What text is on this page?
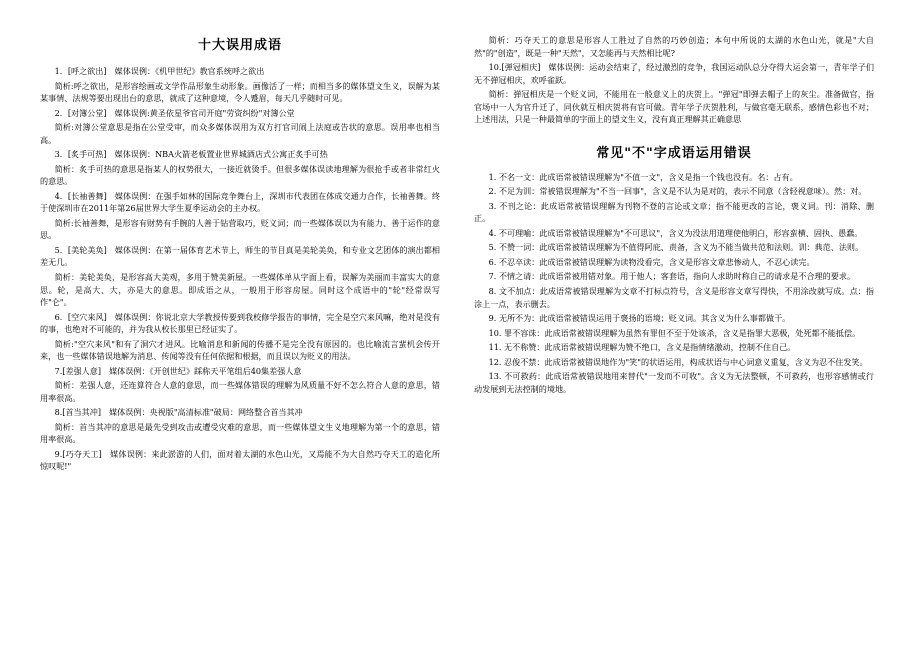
十大误用成语

1．[呼之欲出]　媒体误例：《机甲世纪》教官系统呼之欲出

简析:呼之欲出，是形容绘画或文学作品形象生动形象。画像活了一样；而相当多的媒体望文生义，误解为某某事情、法规等要出现出台的意思，就成了这种意境，令人蹙眉，每天几乎随时可见。

2．[对簿公堂]　媒体误例:黄圣依星爷官司开庭"劳资纠纷"对簿公堂

简析:对簿公堂意思是指在公堂受审，而众多媒体误用为双方打官司闹上法庭或告状的意思。误用率也相当高。

3．[炙手可热]　媒体误例：NBA火箭老板置业世界城酒店式公寓正炙手可热

简析：炙手可热的意思是指某人的权势很大，一接近就烫手。但很多媒体误读地理解为很抢手或者非常红火的意思。

4．[长袖善舞]　媒体误例：在强手如林的国际竞争舞台上，深圳市代表团在体成交通力合作，长袖善舞。终于使深圳市在2011年第26届世界大学生夏季运动会的主办权。

简析:长袖善舞，是形容有财势有手腕的人善于钻营取巧，贬义词；而一些媒体误以为有能力、善于运作的意思。

5．[美轮美奂]　媒体误例：在第一届体育艺术节上，师生的节目真是美轮美奂，和专业文艺团体的演出都相差无几。

简析：美轮美奂，是形容高大美观，多用于赞美新屋。一些媒体单从字面上看，误解为美丽而丰富实大的意思。轮，是高大、大，亦是大的意思。即成语之从，一般用于形容房屋。同时这个成语中的"轮"经常误写作"仑"。

6．[空穴来风]　媒体误例：你说北京大学教授传要到我校修学报告的事情，完全是空穴来风嘛，绝对是没有的事，也绝对不可能的，并为我从校长那里已经证实了。

简析:"空穴来风"和有了洞穴才进风。比喻消息和新闻的传播不是完全没有原因的。也比喻流言蜚机会传开来，也一些媒体错误地解为消息、传闻等没有任何依据和根据，而且误以为贬义的用法。

7.[差强人意]　媒体误例：《开创世纪》踩称天平笔组后40集差强人意

简析：差强人意，还连算符合人意的意思，而一些媒体错误的理解为风质量不好不怎么符合人意的意思，错用率很高。

8.[首当其冲]　媒体误例：央视版"高清标准"破局：网络整合首当其冲

简析：首当其冲的意思是最先受到攻击或遭受灾难的意思，而一些媒体望文生义地理解为第一个的意思，错用率很高。

9.[巧夺天工]　媒体误例：来此淤游的人们，面对着太湖的水色山光，又焉能不为大自然巧夺天工的造化所惊叹呢!"

简析：巧夺天工的意思是形容人工胜过了自然的巧妙创造；本句中所说的太湖的水色山光，就是"大自然"的"创造"，既是一种"天然"，又怎能再与天然相比呢?

10.[弹冠相庆]　媒体误例：运动会结束了，经过激烈的竞争，我国运动队总分夺得大运会第一，青年学子们无不弹冠相庆，欢呼雀跃。

简析：弹冠相庆是一个贬义词，不能用在一般意义上的庆贺上。"弹冠"即弹去帽子上的灰尘。准备做官，指官场中一人为官升迁了，同伙就互相庆贺将有官可做。青年学子庆贺胜利，与做官毫无联系，感情色彩也不对；上述用法，只是一种最简单的字面上的望文生义，没有真正理解其正确意思

常见"不"字成语运用错误

1. 不名一文：此成语常被错误理解为"不值一文"，含义是指一个钱也没有。名：占有。

2. 不足为训：常被错误理解为"不当一回事"，含义是不认为是对的，表示不同意（含轻视意味）。然：对。

3. 不刊之论：此成语常被错误理解为刊物不登的言论或文章；指不能更改的言论，褒义词。刊：消除、删正。

4. 不可理喻：此成语常被错误理解为"不可思议"，含义为没法用道理使他明白，形容蛮横、固执、愚蠢。

5. 不赞一词：此成语常被错误理解为不值得阿庇、责备，含义为不能当做共范和法则。训：典范、法则。

6. 不忍卒读：此成语常被错误理解为读物没看完，含义是形容文章悲惨动人，不忍心读完。

7. 不情之请：此成语常被用错对象。用于他人；客套语，指向人求助时称自己的请求是不合理的要求。

8. 文不加点：此成语常被错误理解为文章不打标点符号，含义是形容文章写得快，不用涂改就写成。点：指涂上一点，表示删去。

9. 无所不为：此成语常被错误运用于褒扬的语境；贬义词。其含义为什么事都做干。

10. 罪不容诛：此成语常被错误理解为虽然有罪但不至于处该杀，含义是指罪大恶极，处死都不能抵偿。

11. 无不称赞：此成语常被错误理解为赞不绝口，含义是指情绪激动，控制不住自己。

12. 忍俊不禁：此成语常被错误地作为"笑"的状语运用，构成状语与中心词意义重复，含义为忍不住发笑。

13. 不可救药：此成语常被错误地用来替代"一发而不可收"。含义为无法整顿，不可救药，也形容感情或行动发展到无法控制的境地。
